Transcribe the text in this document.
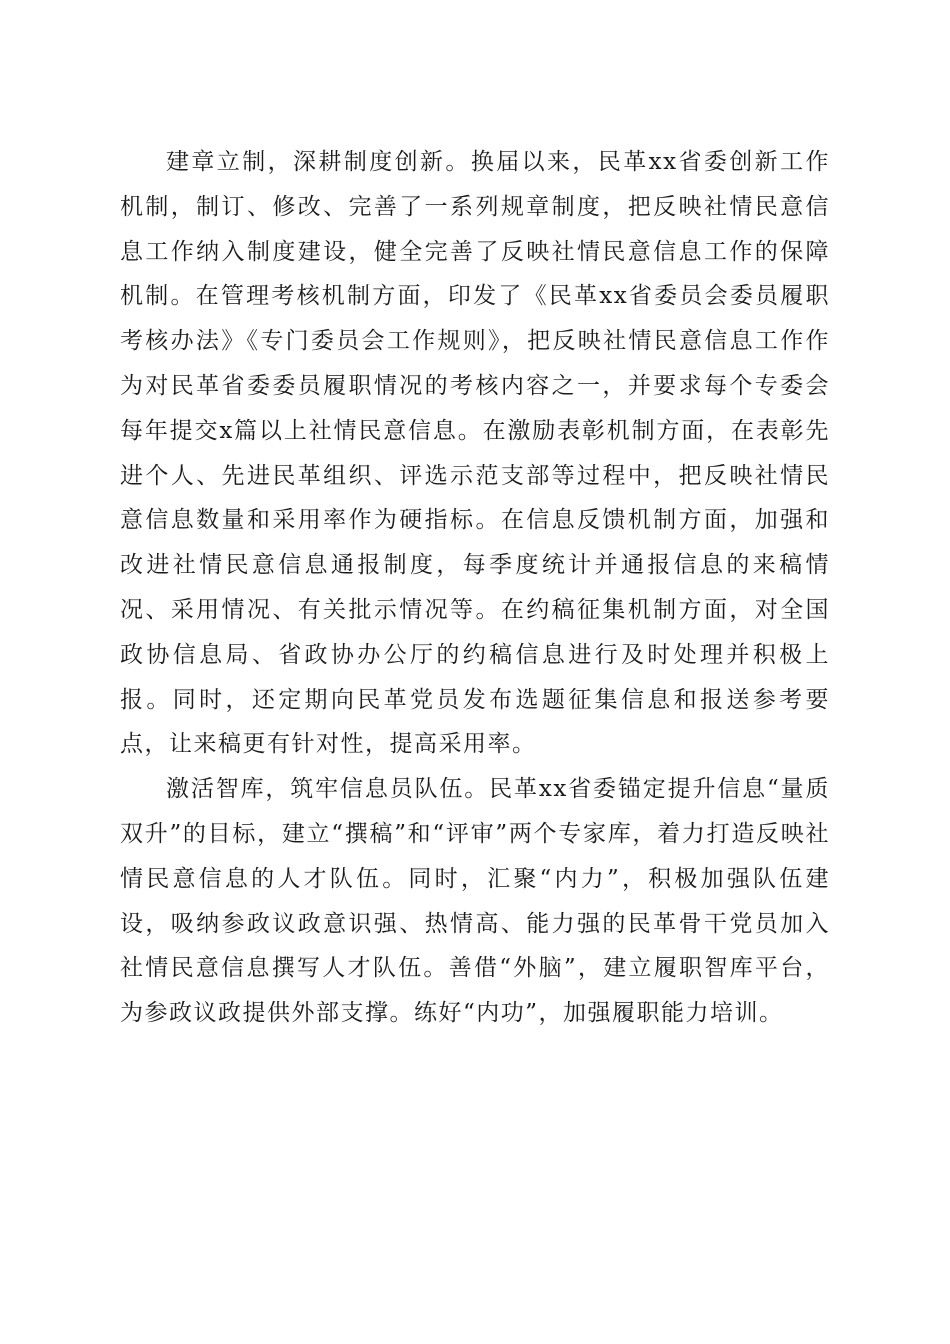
建章立制，深耕制度创新。换届以来，民革xx省委创新工作机制，制订、修改、完善了一系列规章制度，把反映社情民意信息工作纳入制度建设，健全完善了反映社情民意信息工作的保障机制。在管理考核机制方面，印发了《民革xx省委员会委员履职考核办法》《专门委员会工作规则》，把反映社情民意信息工作作为对民革省委委员履职情况的考核内容之一，并要求每个专委会每年提交x篇以上社情民意信息。在激励表彰机制方面，在表彰先进个人、先进民革组织、评选示范支部等过程中，把反映社情民意信息数量和采用率作为硬指标。在信息反馈机制方面，加强和改进社情民意信息通报制度，每季度统计并通报信息的来稿情况、采用情况、有关批示情况等。在约稿征集机制方面，对全国政协信息局、省政协办公厅的约稿信息进行及时处理并积极上报。同时，还定期向民革党员发布选题征集信息和报送参考要点，让来稿更有针对性，提高采用率。

激活智库，筑牢信息员队伍。民革xx省委锚定提升信息“量质双升”的目标，建立“撰稿”和“评审”两个专家库，着力打造反映社情民意信息的人才队伍。同时，汇聚“内力”，积极加强队伍建设，吸纳参政议政意识强、热情高、能力强的民革骨干党员加入社情民意信息撰写人才队伍。善借“外脑”，建立履职智库平台，为参政议政提供外部支撑。练好“内功”，加强履职能力培训。
